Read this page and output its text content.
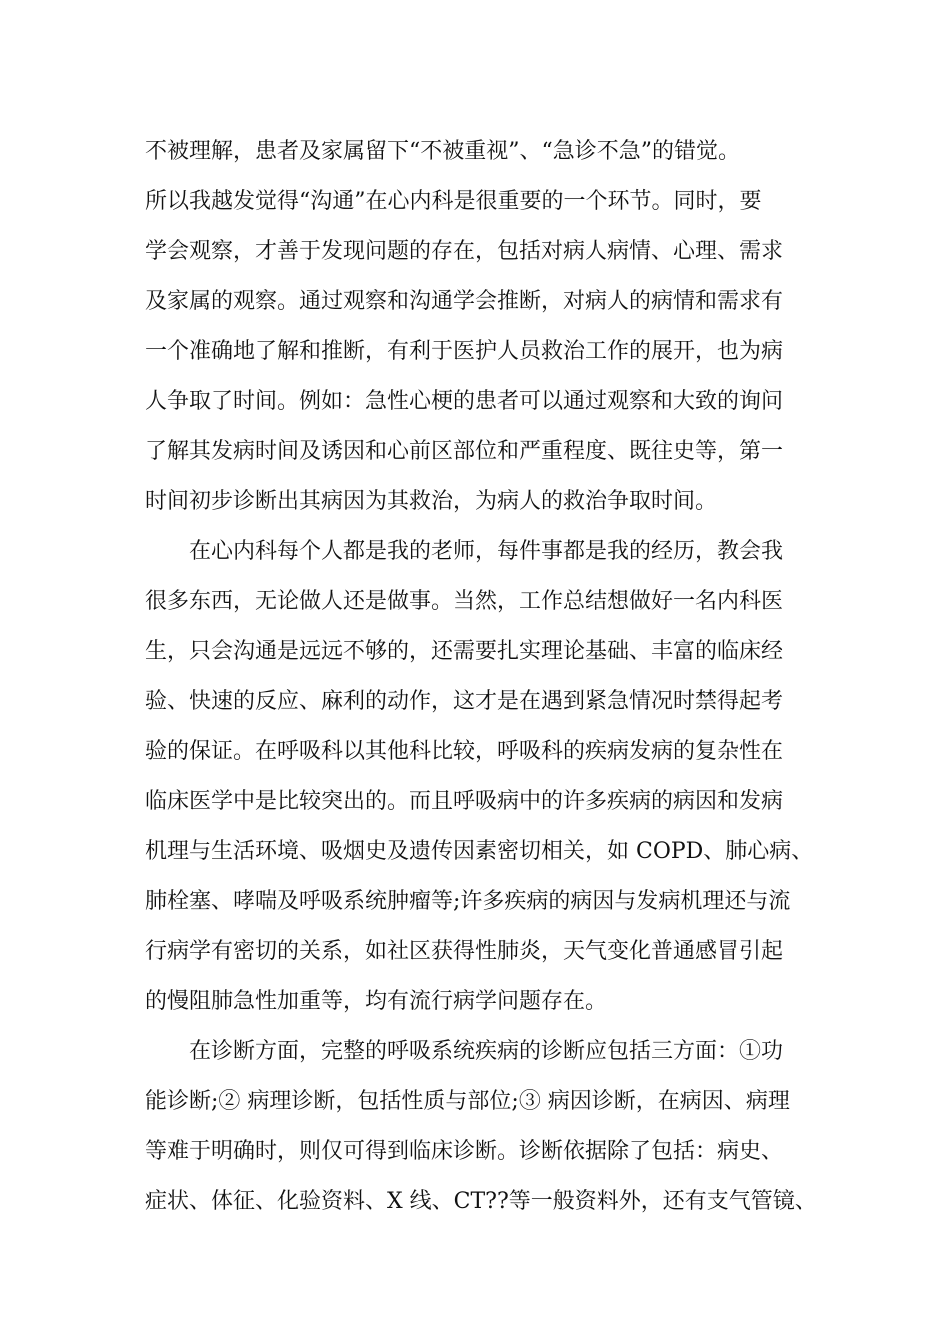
不被理解，患者及家属留下“不被重视”、“急诊不急”的错觉。
所以我越发觉得“沟通”在心内科是很重要的一个环节。同时，要
学会观察，才善于发现问题的存在，包括对病人病情、心理、需求
及家属的观察。通过观察和沟通学会推断，对病人的病情和需求有
一个准确地了解和推断，有利于医护人员救治工作的展开，也为病
人争取了时间。例如：急性心梗的患者可以通过观察和大致的询问
了解其发病时间及诱因和心前区部位和严重程度、既往史等，第一
时间初步诊断出其病因为其救治，为病人的救治争取时间。
在心内科每个人都是我的老师，每件事都是我的经历，教会我
很多东西，无论做人还是做事。当然，工作总结想做好一名内科医
生，只会沟通是远远不够的，还需要扎实理论基础、丰富的临床经
验、快速的反应、麻利的动作，这才是在遇到紧急情况时禁得起考
验的保证。在呼吸科以其他科比较，呼吸科的疾病发病的复杂性在
临床医学中是比较突出的。而且呼吸病中的许多疾病的病因和发病
机理与生活环境、吸烟史及遗传因素密切相关，如 COPD、肺心病、
肺栓塞、哮喘及呼吸系统肿瘤等;许多疾病的病因与发病机理还与流
行病学有密切的关系，如社区获得性肺炎，天气变化普通感冒引起
的慢阻肺急性加重等，均有流行病学问题存在。
在诊断方面，完整的呼吸系统疾病的诊断应包括三方面：①功
能诊断;② 病理诊断，包括性质与部位;③ 病因诊断，在病因、病理
等难于明确时，则仅可得到临床诊断。诊断依据除了包括：病史、
症状、体征、化验资料、X 线、CT??等一般资料外，还有支气管镜、
